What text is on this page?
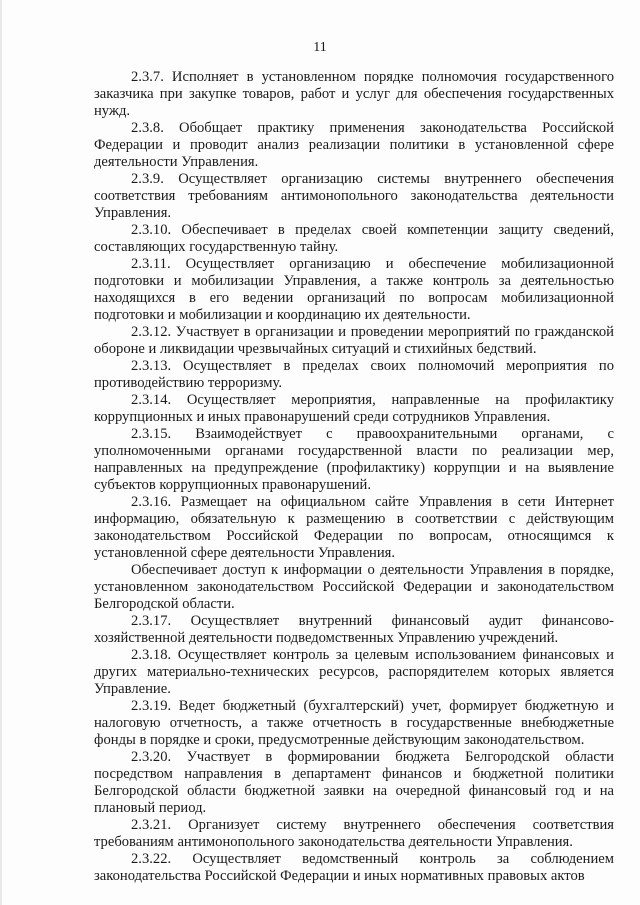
11

2.3.7. Исполняет в установленном порядке полномочия государственного заказчика при закупке товаров, работ и услуг для обеспечения государственных нужд.

2.3.8. Обобщает практику применения законодательства Российской Федерации и проводит анализ реализации политики в установленной сфере деятельности Управления.

2.3.9. Осуществляет организацию системы внутреннего обеспечения соответствия требованиям антимонопольного законодательства деятельности Управления.

2.3.10. Обеспечивает в пределах своей компетенции защиту сведений, составляющих государственную тайну.

2.3.11. Осуществляет организацию и обеспечение мобилизационной подготовки и мобилизации Управления, а также контроль за деятельностью находящихся в его ведении организаций по вопросам мобилизационной подготовки и мобилизации и координацию их деятельности.

2.3.12. Участвует в организации и проведении мероприятий по гражданской обороне и ликвидации чрезвычайных ситуаций и стихийных бедствий.

2.3.13. Осуществляет в пределах своих полномочий мероприятия по противодействию терроризму.

2.3.14. Осуществляет мероприятия, направленные на профилактику коррупционных и иных правонарушений среди сотрудников Управления.

2.3.15. Взаимодействует с правоохранительными органами, с уполномоченными органами государственной власти по реализации мер, направленных на предупреждение (профилактику) коррупции и на выявление субъектов коррупционных правонарушений.

2.3.16. Размещает на официальном сайте Управления в сети Интернет информацию, обязательную к размещению в соответствии с действующим законодательством Российской Федерации по вопросам, относящимся к установленной сфере деятельности Управления.

Обеспечивает доступ к информации о деятельности Управления в порядке, установленном законодательством Российской Федерации и законодательством Белгородской области.

2.3.17. Осуществляет внутренний финансовый аудит финансово-хозяйственной деятельности подведомственных Управлению учреждений.

2.3.18. Осуществляет контроль за целевым использованием финансовых и других материально-технических ресурсов, распорядителем которых является Управление.

2.3.19. Ведет бюджетный (бухгалтерский) учет, формирует бюджетную и налоговую отчетность, а также отчетность в государственные внебюджетные фонды в порядке и сроки, предусмотренные действующим законодательством.

2.3.20. Участвует в формировании бюджета Белгородской области посредством направления в департамент финансов и бюджетной политики Белгородской области бюджетной заявки на очередной финансовый год и на плановый период.

2.3.21. Организует систему внутреннего обеспечения соответствия требованиям антимонопольного законодательства деятельности Управления.

2.3.22. Осуществляет ведомственный контроль за соблюдением законодательства Российской Федерации и иных нормативных правовых актов
